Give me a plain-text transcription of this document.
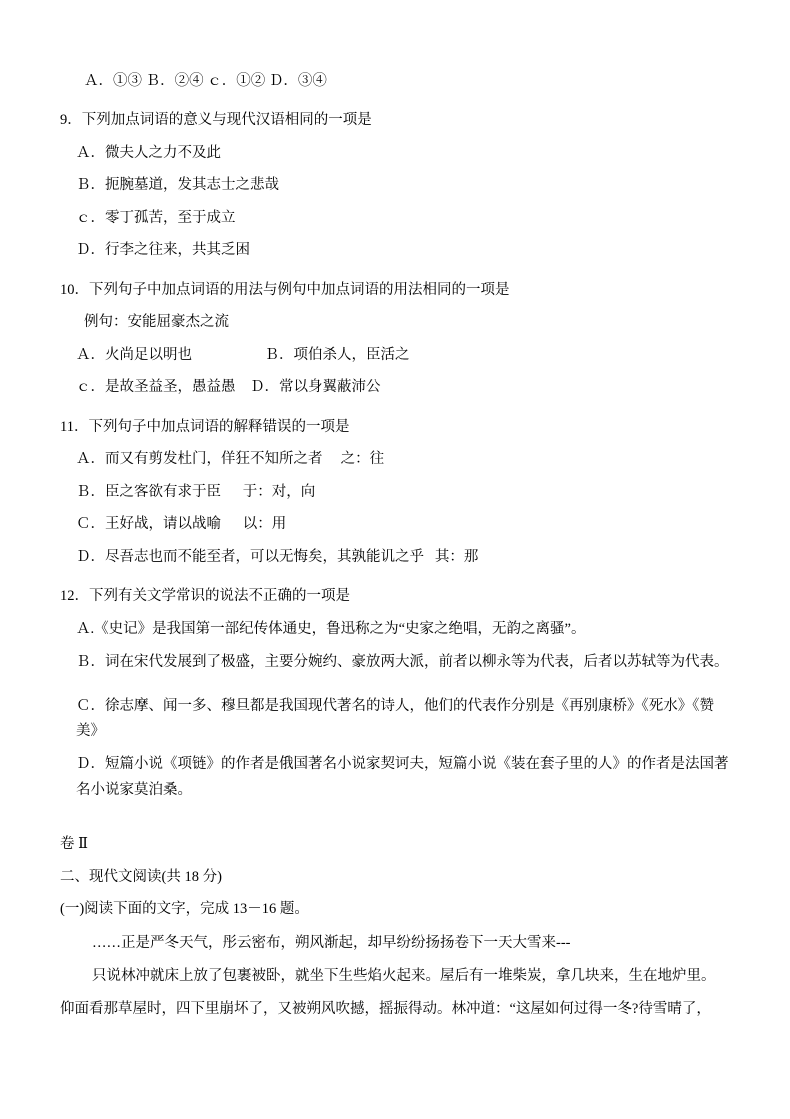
Ａ．①③ Ｂ．②④ ｃ．①② Ｄ．③④
9．下列加点词语的意义与现代汉语相同的一项是
Ａ．微夫人之力不及此
Ｂ．扼腕墓道，发其志士之悲哉
ｃ．零丁孤苦，至于成立
Ｄ．行李之往来，共其乏困
10．下列句子中加点词语的用法与例句中加点词语的用法相同的一项是
例句：安能屈豪杰之流
Ａ．火尚足以明也                    Ｂ．项伯杀人，臣活之
ｃ．是故圣益圣，愚益愚    Ｄ．常以身翼蔽沛公
11．下列句子中加点词语的解释错误的一项是
Ａ．而又有剪发杜门，佯狂不知所之者     之：往
Ｂ．臣之客欲有求于臣      于：对，向
Ｃ．王好战，请以战喻      以：用
Ｄ．尽吾志也而不能至者，可以无悔矣，其孰能讥之乎   其：那
12．下列有关文学常识的说法不正确的一项是
Ａ.《史记》是我国第一部纪传体通史，鲁迅称之为“史家之绝唱，无韵之离骚”。
Ｂ．词在宋代发展到了极盛，主要分婉约、豪放两大派，前者以柳永等为代表，后者以苏轼等为代表。
Ｃ．徐志摩、闻一多、穆旦都是我国现代著名的诗人，他们的代表作分别是《再别康桥》《死水》《赞美》
Ｄ．短篇小说《项链》的作者是俄国著名小说家契诃夫，短篇小说《装在套子里的人》的作者是法国著名小说家莫泊桑。
卷 Ⅱ
二、现代文阅读(共 18 分)
(一)阅读下面的文字，完成 13－16 题。
……正是严冬天气，彤云密布，朔风渐起，却早纷纷扬扬卷下一天大雪来---
只说林冲就床上放了包裹被卧，就坐下生些焰火起来。屋后有一堆柴炭，拿几块来，生在地炉里。
仰面看那草屋时，四下里崩坏了，又被朔风吹撼，摇振得动。林冲道：“这屋如何过得一冬?待雪晴了，
